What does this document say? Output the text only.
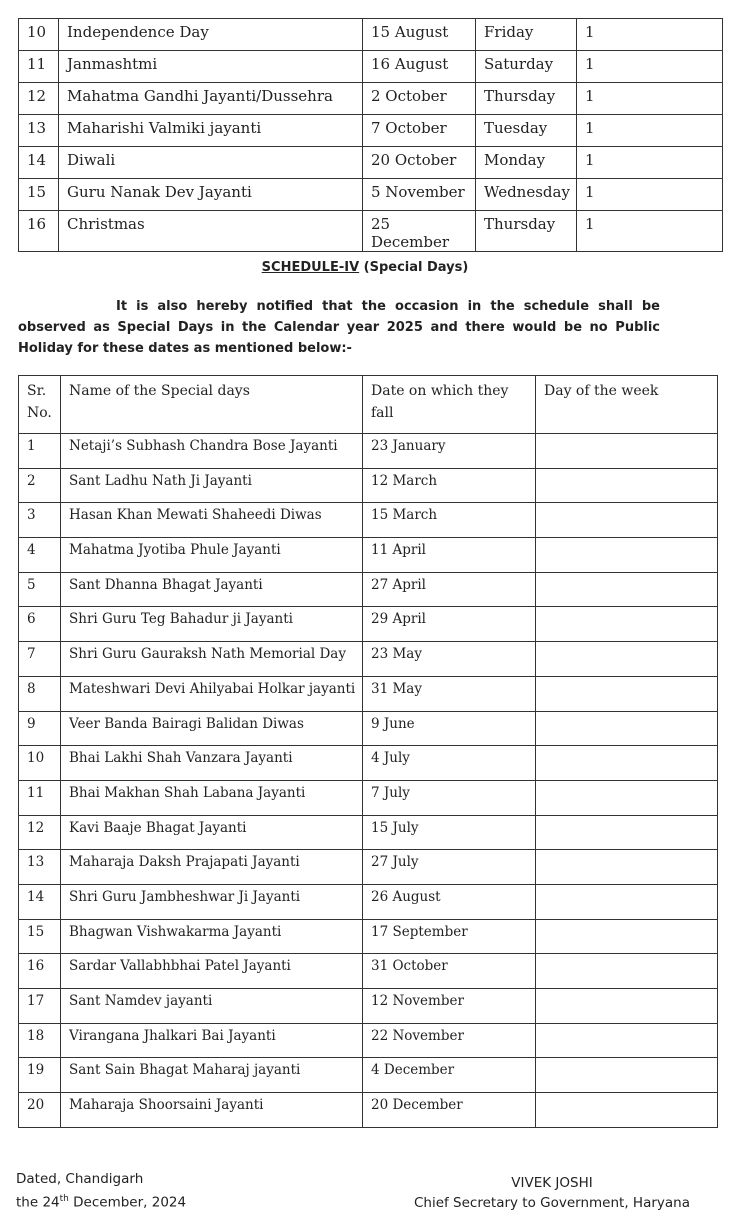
10	Independence Day	15 August	Friday	1
11	Janmashtmi	16 August	Saturday	1
12	Mahatma Gandhi Jayanti/Dussehra	2 October	Thursday	1
13	Maharishi Valmiki jayanti	7 October	Tuesday	1
14	Diwali	20 October	Monday	1
15	Guru Nanak Dev Jayanti	5 November	Wednesday	1
16	Christmas	25 December	Thursday	1
SCHEDULE-IV (Special Days)
It is also hereby notified that the occasion in the schedule shall be observed as Special Days in the Calendar year 2025 and there would be no Public Holiday for these dates as mentioned below:-
Sr. No.	Name of the Special days	Date on which they fall	Day of the week
1	Netaji’s Subhash Chandra Bose Jayanti	23 January	
2	Sant Ladhu Nath Ji Jayanti	12 March	
3	Hasan Khan Mewati Shaheedi Diwas	15 March	
4	Mahatma Jyotiba Phule Jayanti	11 April	
5	Sant Dhanna Bhagat Jayanti	27 April	
6	Shri Guru Teg Bahadur ji Jayanti	29 April	
7	Shri Guru Gauraksh Nath Memorial Day	23 May	
8	Mateshwari Devi Ahilyabai Holkar jayanti	31 May	
9	Veer Banda Bairagi Balidan Diwas	9 June	
10	Bhai Lakhi Shah Vanzara Jayanti	4 July	
11	Bhai Makhan Shah Labana Jayanti	7 July	
12	Kavi Baaje Bhagat Jayanti	15 July	
13	Maharaja Daksh Prajapati Jayanti	27 July	
14	Shri Guru Jambheshwar Ji Jayanti	26 August	
15	Bhagwan Vishwakarma Jayanti	17 September	
16	Sardar Vallabhbhai Patel Jayanti	31 October	
17	Sant Namdev jayanti	12 November	
18	Virangana Jhalkari Bai Jayanti	22 November	
19	Sant Sain Bhagat Maharaj jayanti	4 December	
20	Maharaja Shoorsaini Jayanti	20 December	
Dated, Chandigarh
the 24th December, 2024
VIVEK JOSHI
Chief Secretary to Government, Haryana
